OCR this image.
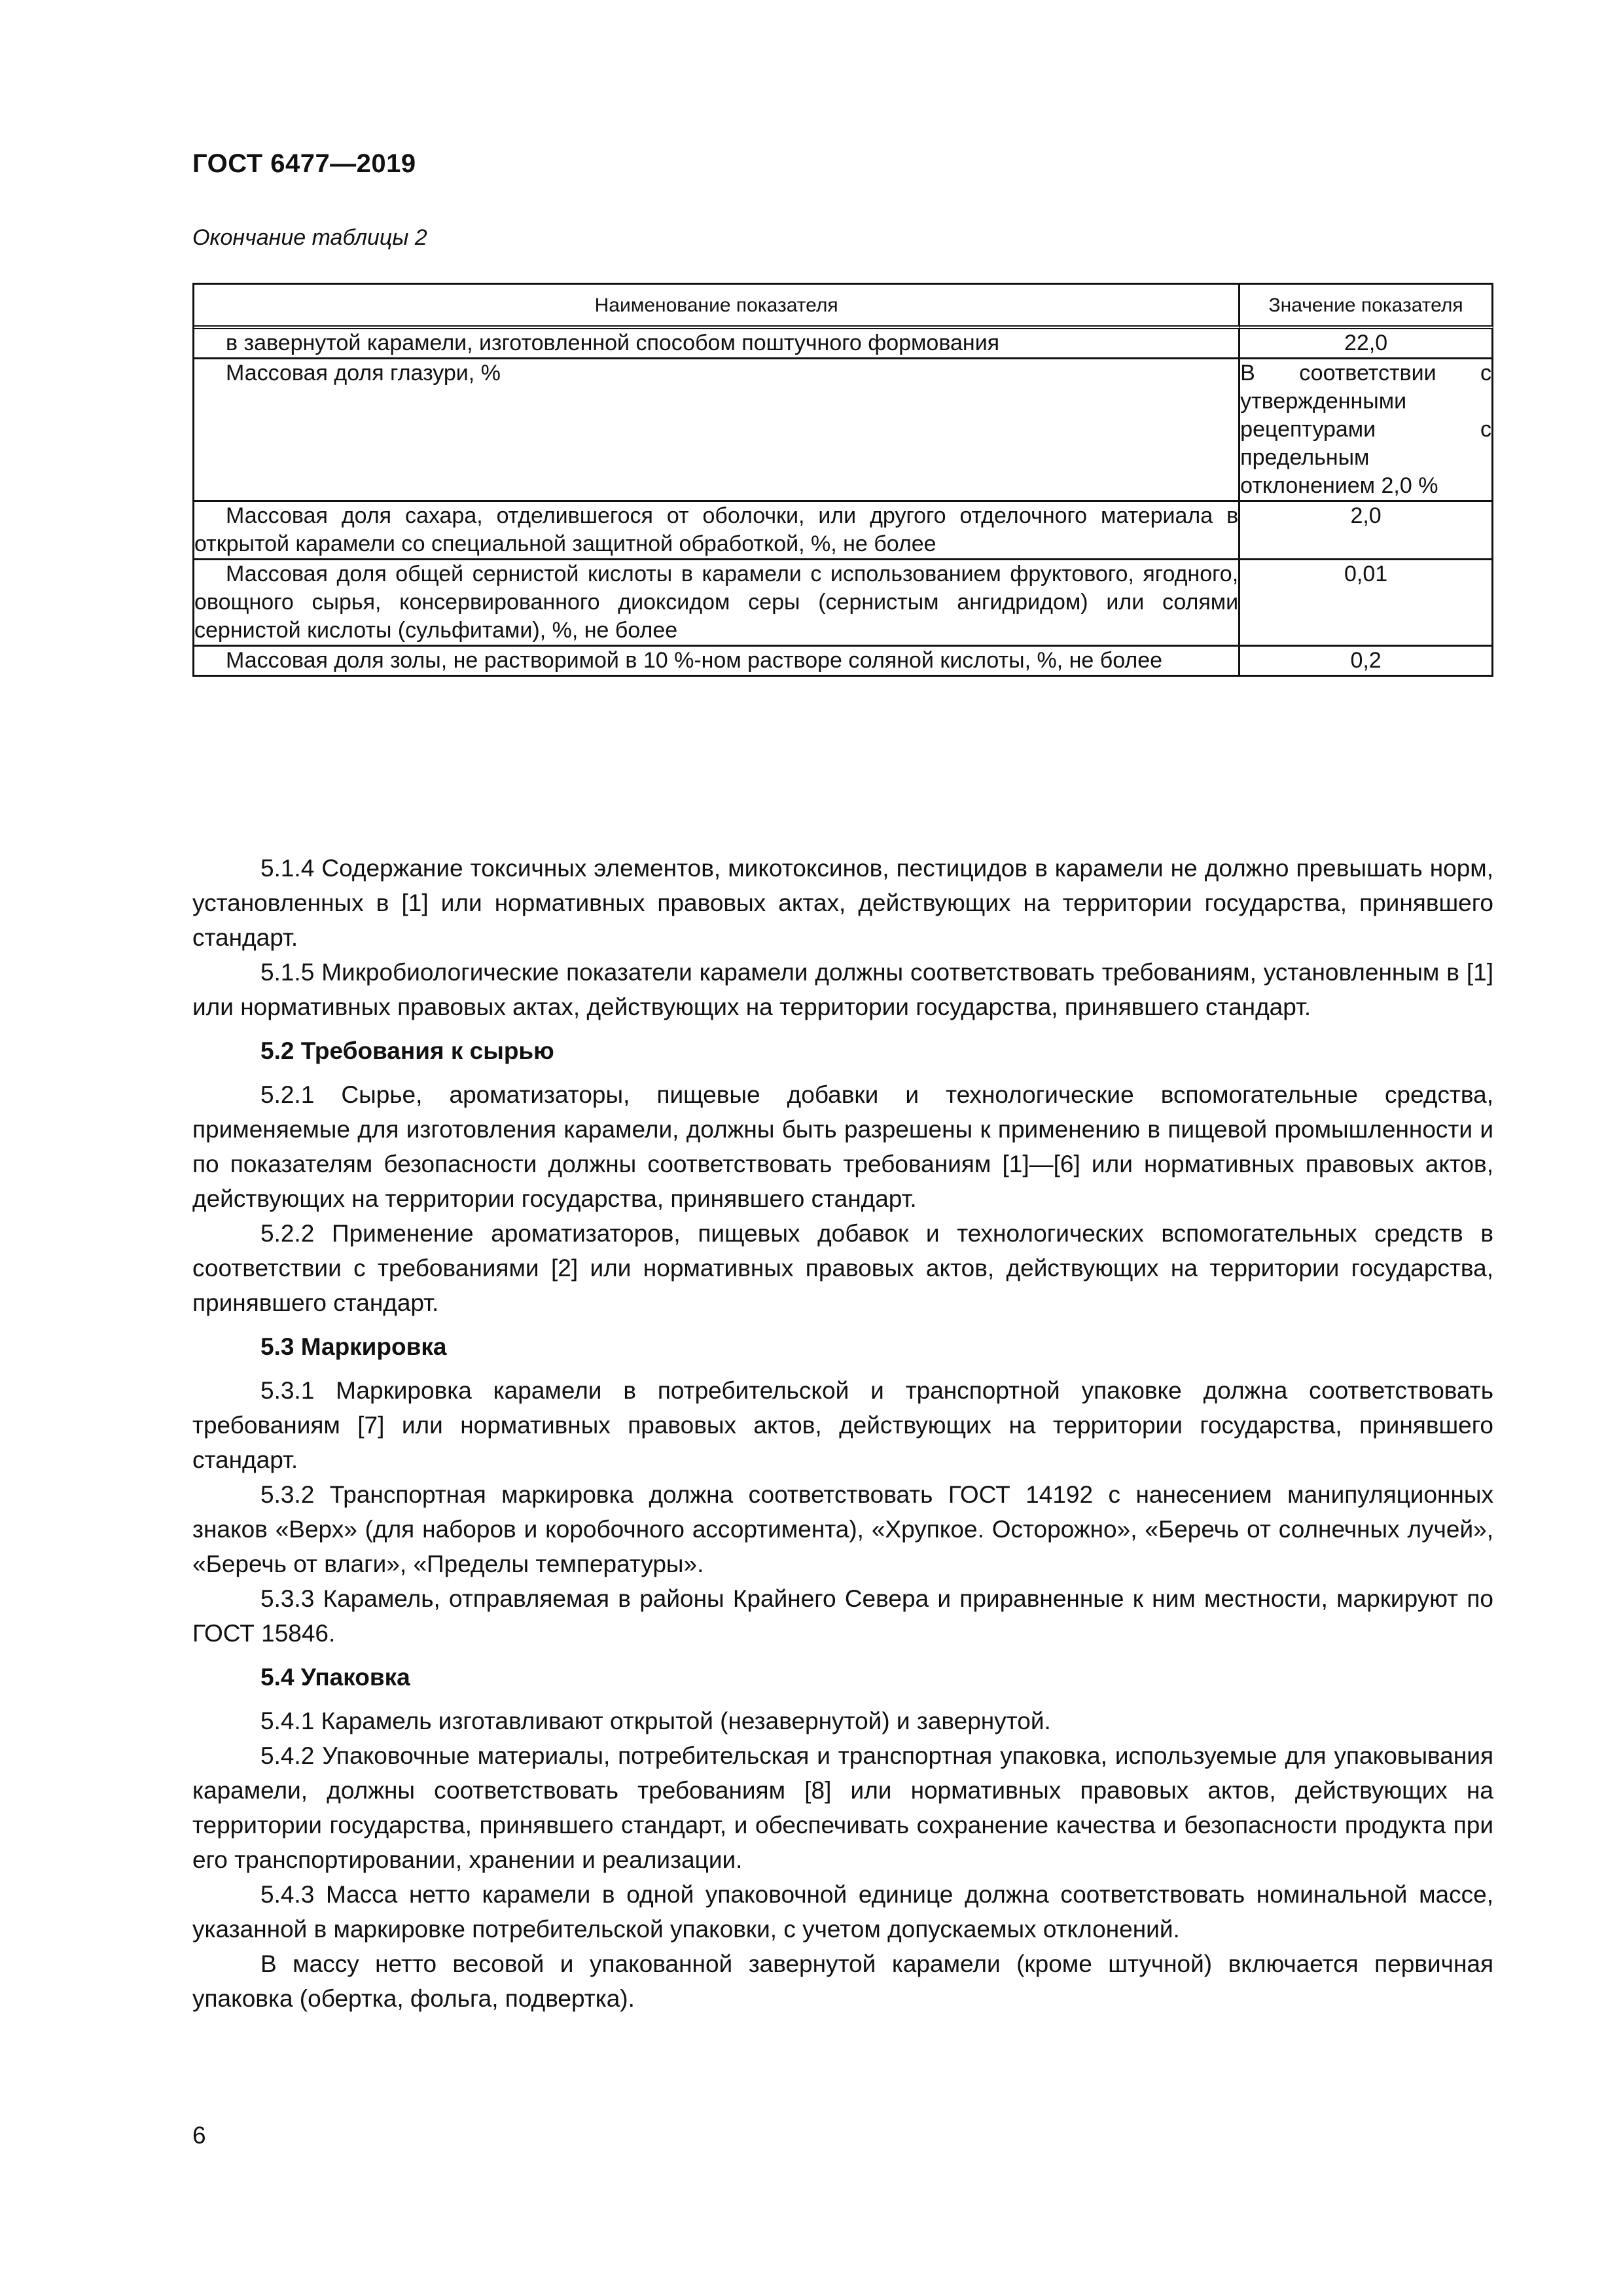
ГОСТ 6477—2019
Окончание таблицы 2
Наименование показателя	Значение показателя
в завернутой карамели, изготовленной способом поштучного формования	22,0
Массовая доля глазури, %	В соответствии с утвержденными рецептурами с предельным отклонением 2,0 %
Массовая доля сахара, отделившегося от оболочки, или другого отделочного материала в открытой карамели со специальной защитной обработкой, %, не более	2,0
Массовая доля общей сернистой кислоты в карамели с использованием фруктового, ягодного, овощного сырья, консервированного диоксидом серы (сернистым ангидридом) или солями сернистой кислоты (сульфитами), %, не более	0,01
Массовая доля золы, не растворимой в 10 %-ном растворе соляной кислоты, %, не более	0,2

5.1.4 Содержание токсичных элементов, микотоксинов, пестицидов в карамели не должно превышать норм, установленных в [1] или нормативных правовых актах, действующих на территории государства, принявшего стандарт.

5.1.5 Микробиологические показатели карамели должны соответствовать требованиям, установленным в [1] или нормативных правовых актах, действующих на территории государства, принявшего стандарт.

5.2 Требования к сырью

5.2.1 Сырье, ароматизаторы, пищевые добавки и технологические вспомогательные средства, применяемые для изготовления карамели, должны быть разрешены к применению в пищевой промышленности и по показателям безопасности должны соответствовать требованиям [1]—[6] или нормативных правовых актов, действующих на территории государства, принявшего стандарт.

5.2.2 Применение ароматизаторов, пищевых добавок и технологических вспомогательных средств в соответствии с требованиями [2] или нормативных правовых актов, действующих на территории государства, принявшего стандарт.

5.3 Маркировка

5.3.1 Маркировка карамели в потребительской и транспортной упаковке должна соответствовать требованиям [7] или нормативных правовых актов, действующих на территории государства, принявшего стандарт.

5.3.2 Транспортная маркировка должна соответствовать ГОСТ 14192 с нанесением манипуляционных знаков «Верх» (для наборов и коробочного ассортимента), «Хрупкое. Осторожно», «Беречь от солнечных лучей», «Беречь от влаги», «Пределы температуры».

5.3.3 Карамель, отправляемая в районы Крайнего Севера и приравненные к ним местности, маркируют по ГОСТ 15846.

5.4 Упаковка

5.4.1 Карамель изготавливают открытой (незавернутой) и завернутой.

5.4.2 Упаковочные материалы, потребительская и транспортная упаковка, используемые для упаковывания карамели, должны соответствовать требованиям [8] или нормативных правовых актов, действующих на территории государства, принявшего стандарт, и обеспечивать сохранение качества и безопасности продукта при его транспортировании, хранении и реализации.

5.4.3 Масса нетто карамели в одной упаковочной единице должна соответствовать номинальной массе, указанной в маркировке потребительской упаковки, с учетом допускаемых отклонений.

В массу нетто весовой и упакованной завернутой карамели (кроме штучной) включается первичная упаковка (обертка, фольга, подвертка).

6
